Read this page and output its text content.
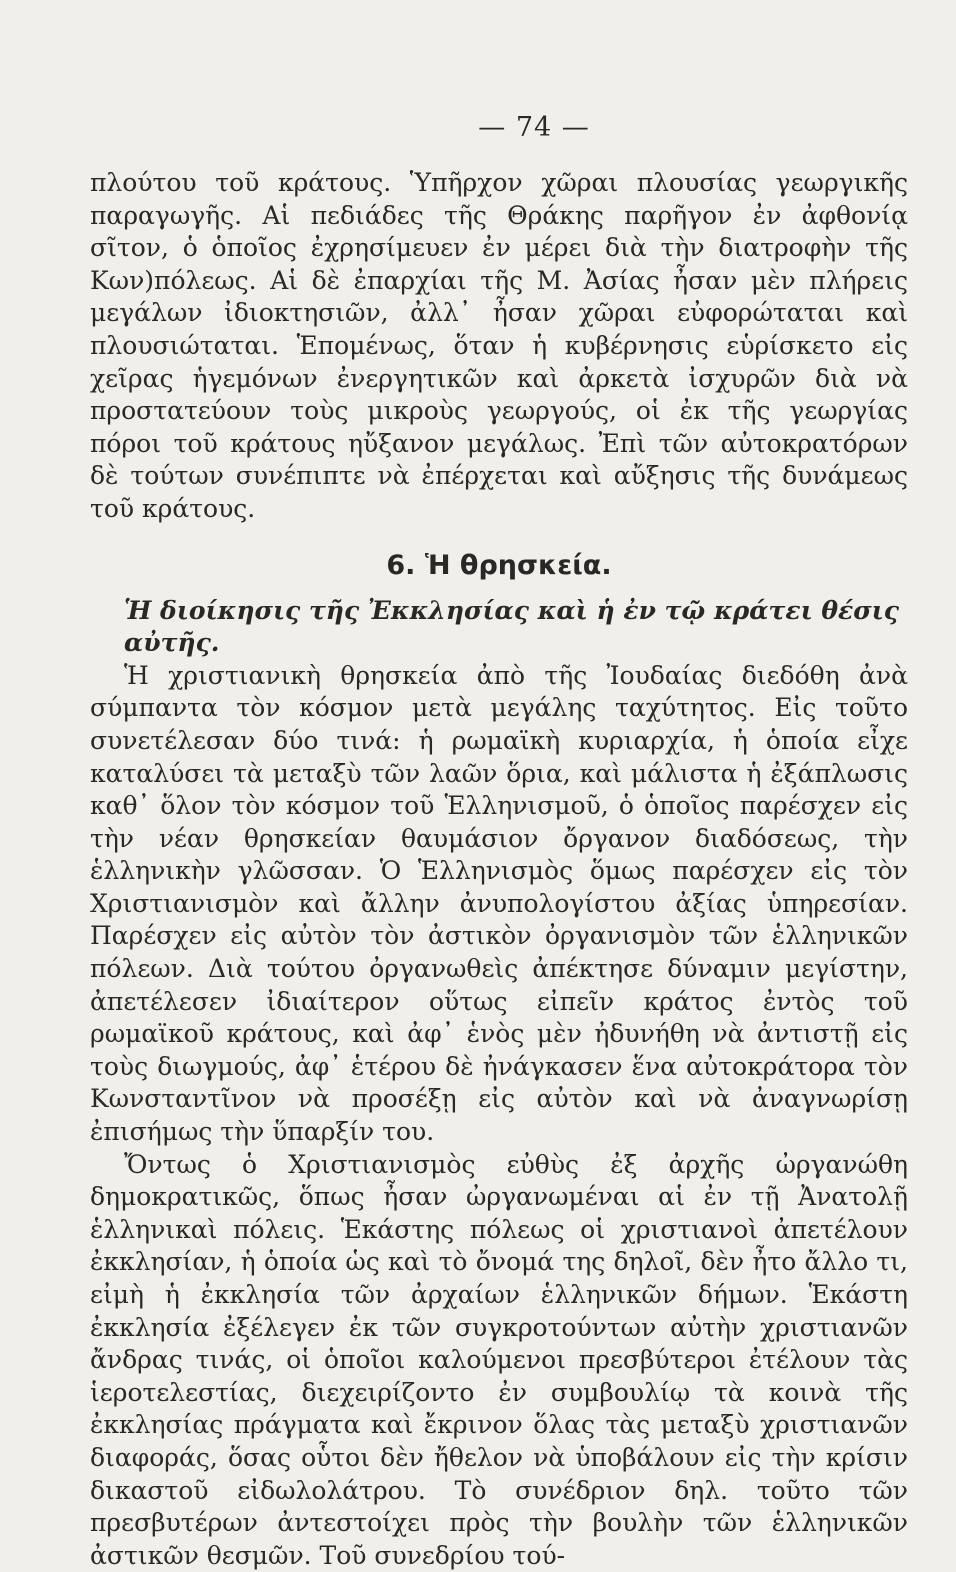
— 74 —

πλούτου τοῦ κράτους. Ὑπῆρχον χῶραι πλουσίας γεωργικῆς παραγωγῆς. Αἱ πεδιάδες τῆς Θράκης παρῆγον ἐν ἀφθονίᾳ σῖτον, ὁ ὁποῖος ἐχρησίμευεν ἐν μέρει διὰ τὴν διατροφὴν τῆς Κων)πόλεως. Αἱ δὲ ἐπαρχίαι τῆς Μ. Ἀσίας ἦσαν μὲν πλήρεις μεγάλων ἰδιοκτησιῶν, ἀλλ᾽ ἦσαν χῶραι εὐφορώταται καὶ πλουσιώταται. Ἑπομένως, ὅταν ἡ κυβέρνησις εὑρίσκετο εἰς χεῖρας ἡγεμόνων ἐνεργητικῶν καὶ ἀρκετὰ ἰσχυρῶν διὰ νὰ προστατεύουν τοὺς μικροὺς γεωργούς, οἱ ἐκ τῆς γεωργίας πόροι τοῦ κράτους ηὔξανον μεγάλως. Ἐπὶ τῶν αὐτοκρατόρων δὲ τούτων συνέπιπτε νὰ ἐπέρχεται καὶ αὔξησις τῆς δυνάμεως τοῦ κράτους.

6. Ἡ θρησκεία.
Ἡ διοίκησις τῆς Ἐκκλησίας καὶ ἡ ἐν τῷ κράτει θέσις αὐτῆς.

Ἡ χριστιανικὴ θρησκεία ἀπὸ τῆς Ἰουδαίας διεδόθη ἀνὰ σύμπαντα τὸν κόσμον μετὰ μεγάλης ταχύτητος. Εἰς τοῦτο συνετέλεσαν δύο τινά: ἡ ρωμαϊκὴ κυριαρχία, ἡ ὁποία εἶχε καταλύσει τὰ μεταξὺ τῶν λαῶν ὅρια, καὶ μάλιστα ἡ ἐξάπλωσις καθ᾽ ὅλον τὸν κόσμον τοῦ Ἑλληνισμοῦ, ὁ ὁποῖος παρέσχεν εἰς τὴν νέαν θρησκείαν θαυμάσιον ὄργανον διαδόσεως, τὴν ἑλληνικὴν γλῶσσαν. Ὁ Ἑλληνισμὸς ὅμως παρέσχεν εἰς τὸν Χριστιανισμὸν καὶ ἄλλην ἀνυπολογίστου ἀξίας ὑπηρεσίαν. Παρέσχεν εἰς αὐτὸν τὸν ἀστικὸν ὀργανισμὸν τῶν ἑλληνικῶν πόλεων. Διὰ τούτου ὀργανωθεὶς ἀπέκτησε δύναμιν μεγίστην, ἀπετέλεσεν ἰδιαίτερον οὕτως εἰπεῖν κράτος ἐντὸς τοῦ ρωμαϊκοῦ κράτους, καὶ ἀφ᾽ ἑνὸς μὲν ἠδυνήθη νὰ ἀντιστῇ εἰς τοὺς διωγμούς, ἀφ᾽ ἑτέρου δὲ ἠνάγκασεν ἕνα αὐτοκράτορα τὸν Κωνσταντῖνον νὰ προσέξῃ εἰς αὐτὸν καὶ νὰ ἀναγνωρίσῃ ἐπισήμως τὴν ὕπαρξίν του.

Ὄντως ὁ Χριστιανισμὸς εὐθὺς ἐξ ἀρχῆς ὠργανώθη δημοκρατικῶς, ὅπως ἦσαν ὠργανωμέναι αἱ ἐν τῇ Ἀνατολῇ ἑλληνικαὶ πόλεις. Ἑκάστης πόλεως οἱ χριστιανοὶ ἀπετέλουν ἐκκλησίαν, ἡ ὁποία ὡς καὶ τὸ ὄνομά της δηλοῖ, δὲν ἦτο ἄλλο τι, εἰμὴ ἡ ἐκκλησία τῶν ἀρχαίων ἑλληνικῶν δήμων. Ἑκάστη ἐκκλησία ἐξέλεγεν ἐκ τῶν συγκροτούντων αὐτὴν χριστιανῶν ἄνδρας τινάς, οἱ ὁποῖοι καλούμενοι πρεσβύτεροι ἐτέλουν τὰς ἱεροτελεστίας, διεχειρίζοντο ἐν συμβουλίῳ τὰ κοινὰ τῆς ἐκκλησίας πράγματα καὶ ἔκρινον ὅλας τὰς μεταξὺ χριστιανῶν διαφοράς, ὅσας οὗτοι δὲν ἤθελον νὰ ὑποβάλουν εἰς τὴν κρίσιν δικαστοῦ εἰδωλολάτρου. Τὸ συνέδριον δηλ. τοῦτο τῶν πρεσβυτέρων ἀντεστοίχει πρὸς τὴν βουλὴν τῶν ἑλληνικῶν ἀστικῶν θεσμῶν. Τοῦ συνεδρίου τού-
